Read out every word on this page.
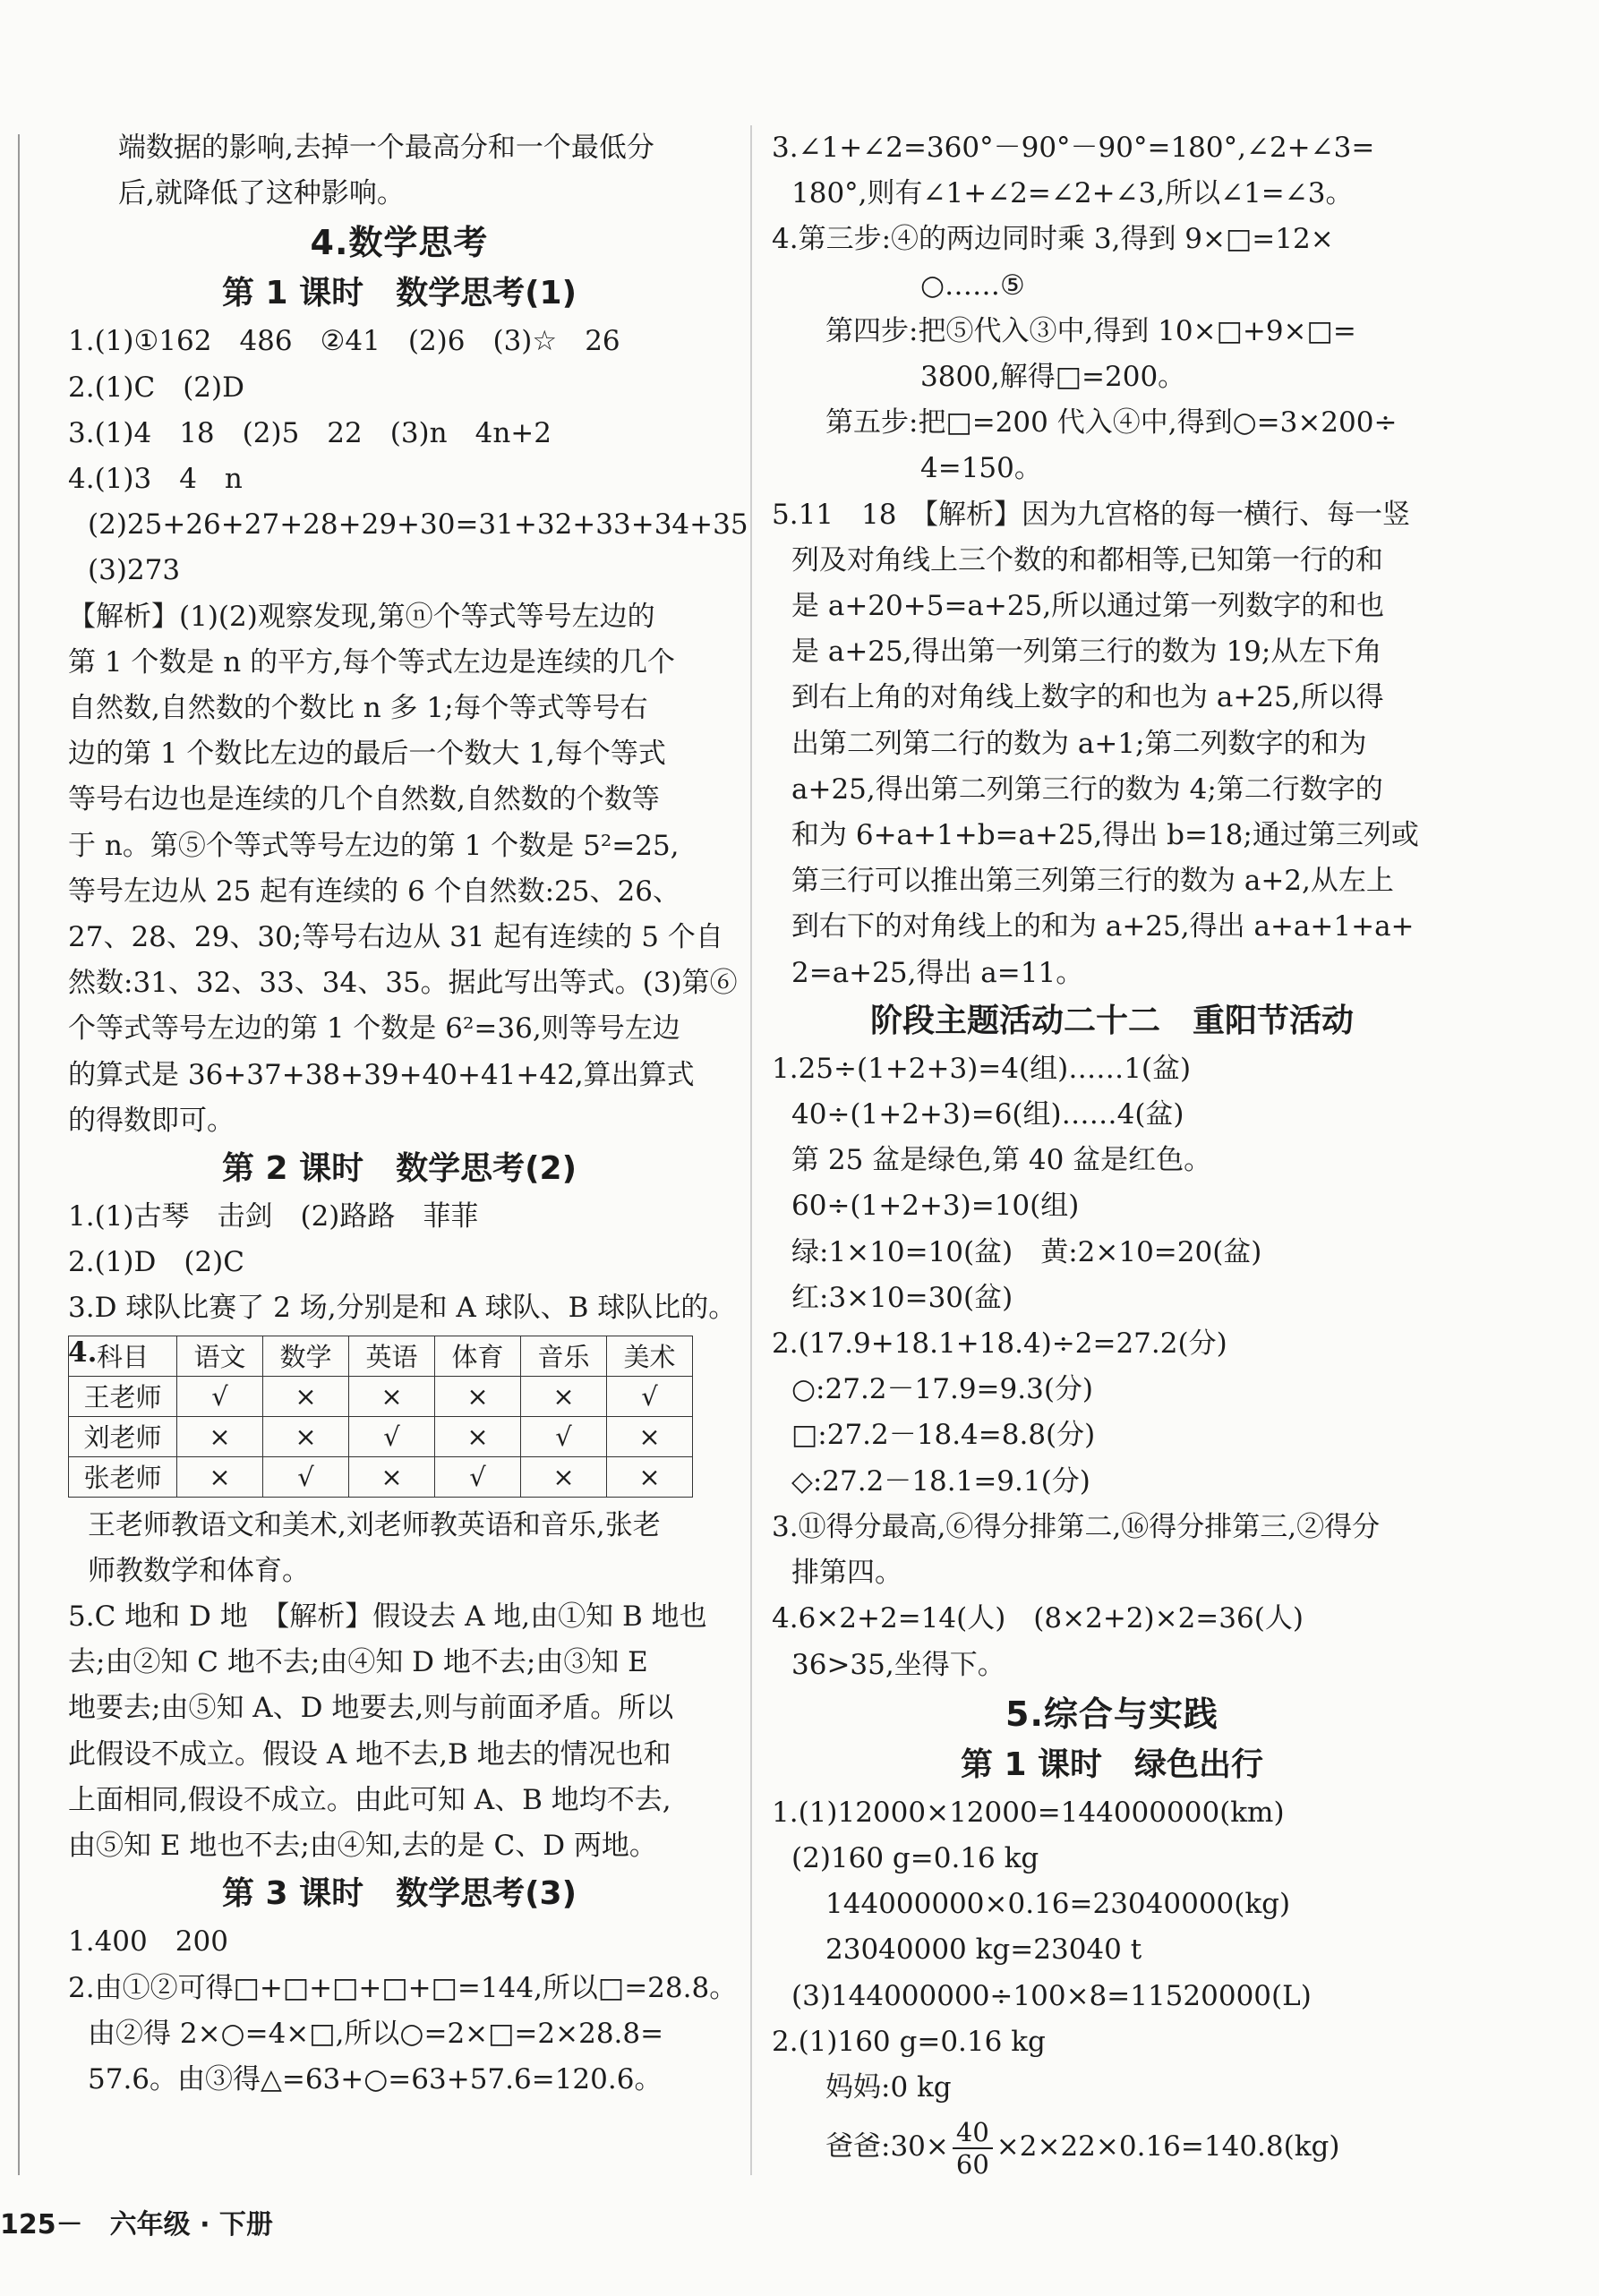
端数据的影响,去掉一个最高分和一个最低分
后,就降低了这种影响。
4.数学思考
第 1 课时　数学思考(1)
1.(1)①162　486　②41　(2)6　(3)☆　26
2.(1)C　(2)D
3.(1)4　18　(2)5　22　(3)n　4n+2
4.(1)3　4　n
(2)25+26+27+28+29+30=31+32+33+34+35
(3)273
【解析】(1)(2)观察发现,第ⓝ个等式等号左边的
第 1 个数是 n 的平方,每个等式左边是连续的几个
自然数,自然数的个数比 n 多 1;每个等式等号右
边的第 1 个数比左边的最后一个数大 1,每个等式
等号右边也是连续的几个自然数,自然数的个数等
于 n。第⑤个等式等号左边的第 1 个数是 5²=25,
等号左边从 25 起有连续的 6 个自然数:25、26、
27、28、29、30;等号右边从 31 起有连续的 5 个自
然数:31、32、33、34、35。据此写出等式。(3)第⑥
个等式等号左边的第 1 个数是 6²=36,则等号左边
的算式是 36+37+38+39+40+41+42,算出算式
的得数即可。
第 2 课时　数学思考(2)
1.(1)古琴　击剑　(2)路路　菲菲
2.(1)D　(2)C
3.D 球队比赛了 2 场,分别是和 A 球队、B 球队比的。
4. 科目	语文	数学	英语	体育	音乐	美术
王老师	√	×	×	×	×	√
刘老师	×	×	√	×	√	×
张老师	×	√	×	√	×	×
王老师教语文和美术,刘老师教英语和音乐,张老
师教数学和体育。
5.C 地和 D 地　【解析】假设去 A 地,由①知 B 地也
去;由②知 C 地不去;由④知 D 地不去;由③知 E
地要去;由⑤知 A、D 地要去,则与前面矛盾。所以
此假设不成立。假设 A 地不去,B 地去的情况也和
上面相同,假设不成立。由此可知 A、B 地均不去,
由⑤知 E 地也不去;由④知,去的是 C、D 两地。
第 3 课时　数学思考(3)
1.400　200
2.由①②可得□+□+□+□+□=144,所以□=28.8。
由②得 2×○=4×□,所以○=2×□=2×28.8=
57.6。由③得△=63+○=63+57.6=120.6。
3.∠1+∠2=360°－90°－90°=180°,∠2+∠3=
180°,则有∠1+∠2=∠2+∠3,所以∠1=∠3。
4.第三步:④的两边同时乘 3,得到 9×□=12×
○……⑤
第四步:把⑤代入③中,得到 10×□+9×□=
3800,解得□=200。
第五步:把□=200 代入④中,得到○=3×200÷
4=150。
5.11　18　【解析】因为九宫格的每一横行、每一竖
列及对角线上三个数的和都相等,已知第一行的和
是 a+20+5=a+25,所以通过第一列数字的和也
是 a+25,得出第一列第三行的数为 19;从左下角
到右上角的对角线上数字的和也为 a+25,所以得
出第二列第二行的数为 a+1;第二列数字的和为
a+25,得出第二列第三行的数为 4;第二行数字的
和为 6+a+1+b=a+25,得出 b=18;通过第三列或
第三行可以推出第三列第三行的数为 a+2,从左上
到右下的对角线上的和为 a+25,得出 a+a+1+a+
2=a+25,得出 a=11。
阶段主题活动二十二　重阳节活动
1.25÷(1+2+3)=4(组)……1(盆)
40÷(1+2+3)=6(组)……4(盆)
第 25 盆是绿色,第 40 盆是红色。
60÷(1+2+3)=10(组)
绿:1×10=10(盆)　黄:2×10=20(盆)
红:3×10=30(盆)
2.(17.9+18.1+18.4)÷2=27.2(分)
○:27.2－17.9=9.3(分)
□:27.2－18.4=8.8(分)
◇:27.2－18.1=9.1(分)
3.⑪得分最高,⑥得分排第二,⑯得分排第三,②得分
排第四。
4.6×2+2=14(人)　(8×2+2)×2=36(人)
36>35,坐得下。
5.综合与实践
第 1 课时　绿色出行
1.(1)12000×12000=144000000(km)
(2)160 g=0.16 kg
144000000×0.16=23040000(kg)
23040000 kg=23040 t
(3)144000000÷100×8=11520000(L)
2.(1)160 g=0.16 kg
妈妈:0 kg
爸爸:30× $\frac{40}{60} \times 2\times 22\times 0.16=140.8(kg)$
125－　六年级 · 下册
